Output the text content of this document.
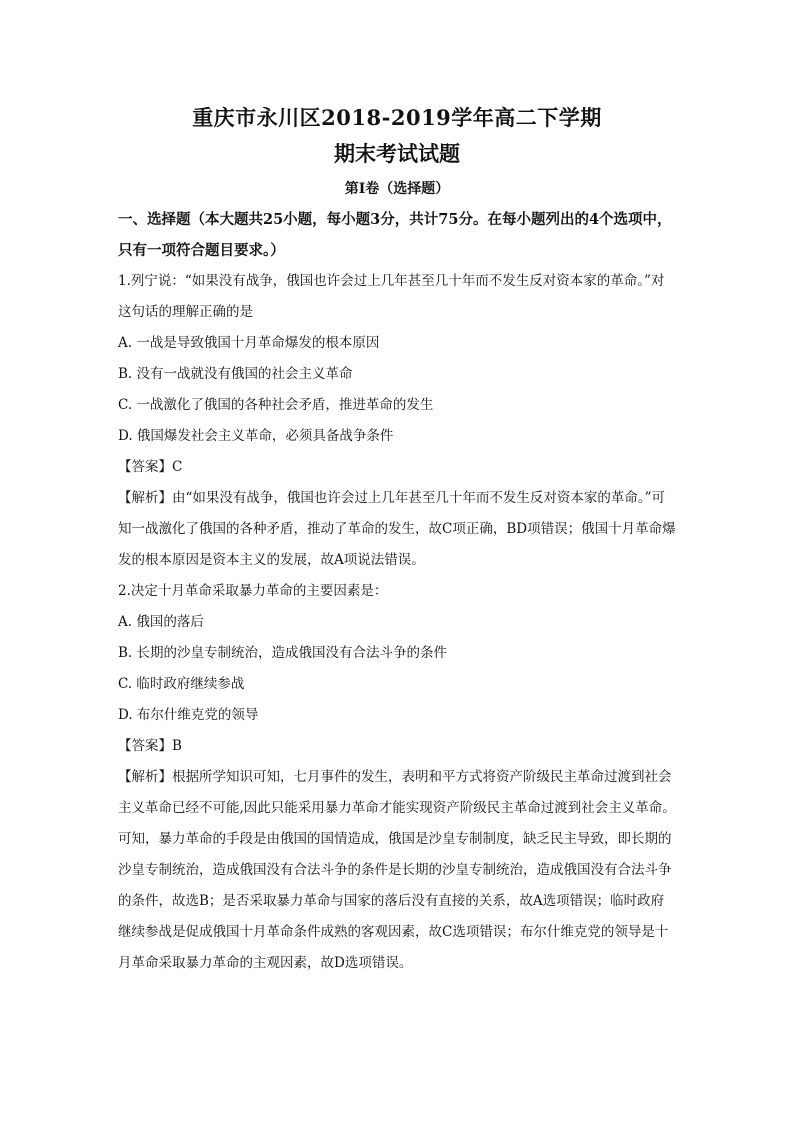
重庆市永川区2018-2019学年高二下学期
期末考试试题
第Ⅰ卷（选择题）

一、选择题（本大题共25小题，每小题3分，共计75分。在每小题列出的4个选项中，只有一项符合题目要求。）

1.列宁说：“如果没有战争，俄国也许会过上几年甚至几十年而不发生反对资本家的革命。”对这句话的理解正确的是

A. 一战是导致俄国十月革命爆发的根本原因

B. 没有一战就没有俄国的社会主义革命

C. 一战激化了俄国的各种社会矛盾，推进革命的发生

D. 俄国爆发社会主义革命，必须具备战争条件

【答案】C

【解析】由“如果没有战争，俄国也许会过上几年甚至几十年而不发生反对资本家的革命。”可知一战激化了俄国的各种矛盾，推动了革命的发生，故C项正确，BD项错误；俄国十月革命爆发的根本原因是资本主义的发展，故A项说法错误。

2.决定十月革命采取暴力革命的主要因素是：

A. 俄国的落后

B. 长期的沙皇专制统治，造成俄国没有合法斗争的条件

C. 临时政府继续参战

D. 布尔什维克党的领导

【答案】B

【解析】根据所学知识可知，七月事件的发生，表明和平方式将资产阶级民主革命过渡到社会主义革命已经不可能,因此只能采用暴力革命才能实现资产阶级民主革命过渡到社会主义革命。可知，暴力革命的手段是由俄国的国情造成，俄国是沙皇专制制度，缺乏民主导致，即长期的沙皇专制统治，造成俄国没有合法斗争的条件是长期的沙皇专制统治，造成俄国没有合法斗争的条件，故选B；是否采取暴力革命与国家的落后没有直接的关系，故A选项错误；临时政府继续参战是促成俄国十月革命条件成熟的客观因素，故C选项错误；布尔什维克党的领导是十月革命采取暴力革命的主观因素，故D选项错误。
